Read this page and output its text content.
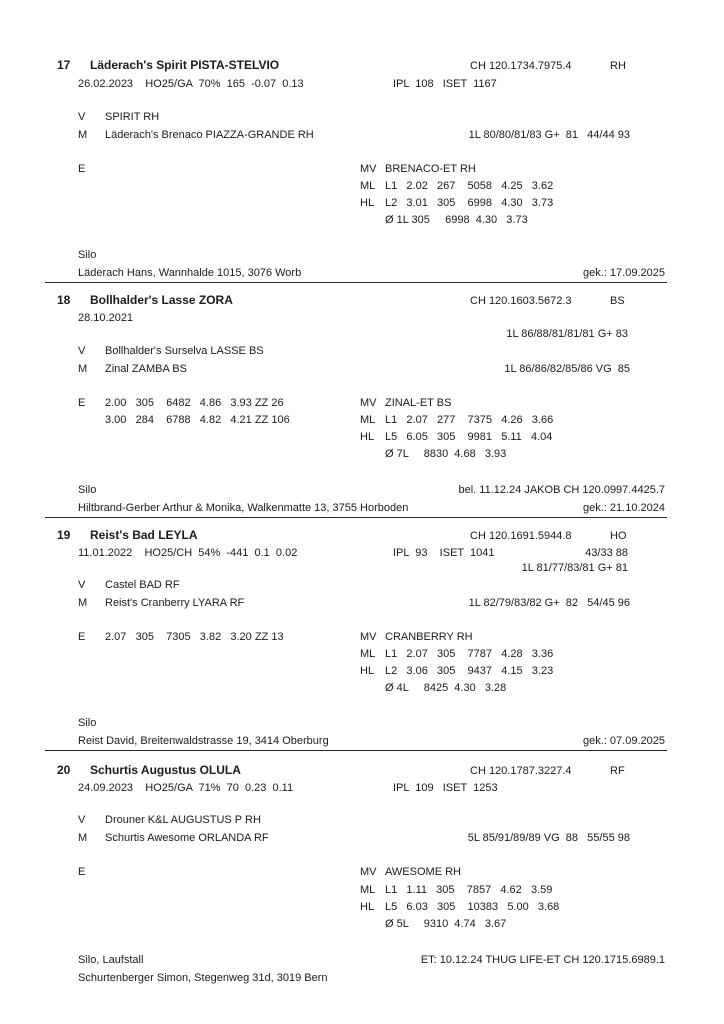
17 Läderach's Spirit PISTA-STELVIO	CH 120.1734.7975.4	RH
26.02.2023    HO25/GA  70%  165  -0.07  0.13	IPL  108   ISET  1167
V SPIRIT RH
M Läderach's Brenaco PIAZZA-GRANDE RH	1L 80/80/81/83 G+  81   44/44 93
E	MV BRENACO-ET RH
ML L1   2.02   267    5058   4.25   3.62
HL L2   3.01   305    6998   4.30   3.73
Ø 1L 305     6998  4.30   3.73
Silo
Läderach Hans, Wannhalde 1015, 3076 Worb	gek.: 17.09.2025
18 Bollhalder's Lasse ZORA	CH 120.1603.5672.3	BS
28.10.2021
1L 86/88/81/81/81 G+ 83
V Bollhalder's Surselva LASSE BS
M Zinal ZAMBA BS	1L 86/86/82/85/86 VG  85
E 2.00   305    6482   4.86   3.93 ZZ 26
3.00   284    6788   4.82   4.21 ZZ 106
MV ZINAL-ET BS
ML L1   2.07   277    7375   4.26   3.66
HL L5   6.05   305    9981   5.11   4.04
Ø 7L     8830  4.68   3.93
Silo	bel. 11.12.24 JAKOB CH 120.0997.4425.7
Hiltbrand-Gerber Arthur & Monika, Walkenmatte 13, 3755 Horboden	gek.: 21.10.2024
19 Reist's Bad LEYLA	CH 120.1691.5944.8	HO
11.01.2022    HO25/CH  54%  -441  0.1  0.02	IPL  93    ISET  1041	43/33 88
1L 81/77/83/81 G+ 81
V Castel BAD RF
M Reist's Cranberry LYARA RF	1L 82/79/83/82 G+  82   54/45 96
E 2.07   305    7305   3.82   3.20 ZZ 13	MV CRANBERRY RH
ML L1   2.07   305    7787   4.28   3.36
HL L2   3.06   305    9437   4.15   3.23
Ø 4L     8425  4.30   3.28
Silo
Reist David, Breitenwaldstrasse 19, 3414 Oberburg	gek.: 07.09.2025
20 Schurtis Augustus OLULA	CH 120.1787.3227.4	RF
24.09.2023    HO25/GA  71%  70  0.23  0.11	IPL  109   ISET  1253
V Drouner K&L AUGUSTUS P RH
M Schurtis Awesome ORLANDA RF	5L 85/91/89/89 VG  88   55/55 98
E	MV AWESOME RH
ML L1   1.11   305    7857   4.62   3.59
HL L5   6.03   305    10383   5.00   3.68
Ø 5L     9310  4.74   3.67
Silo, Laufstall	ET: 10.12.24 THUG LIFE-ET CH 120.1715.6989.1
Schurtenberger Simon, Stegenweg 31d, 3019 Bern
